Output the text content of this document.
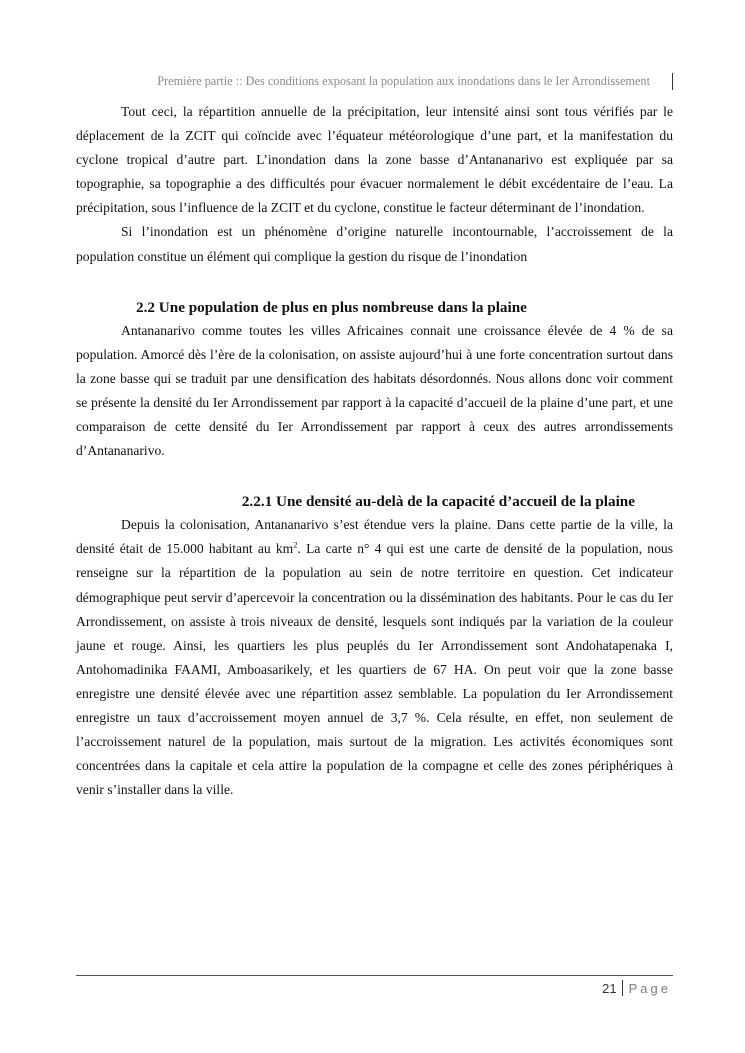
Première partie :: Des conditions exposant la population aux inondations dans le Ier Arrondissement

Tout ceci, la répartition annuelle de la précipitation, leur intensité ainsi sont tous vérifiés par le déplacement de la ZCIT qui coïncide avec l’équateur météorologique d’une part, et la manifestation du cyclone tropical d’autre part. L’inondation dans la zone basse d’Antananarivo est expliquée par sa topographie, sa topographie a des difficultés pour évacuer normalement le débit excédentaire de l’eau. La précipitation, sous l’influence de la ZCIT et du cyclone, constitue le facteur déterminant de l’inondation.

Si l’inondation est un phénomène d’origine naturelle incontournable, l’accroissement de la population constitue un élément qui complique la gestion du risque de l’inondation

2.2 Une population de plus en plus nombreuse dans la plaine

Antananarivo comme toutes les villes Africaines connait une croissance élevée de 4 % de sa population. Amorcé dès l’ère de la colonisation, on assiste aujourd’hui à une forte concentration surtout dans la zone basse qui se traduit par une densification des habitats désordonnés. Nous allons donc voir comment se présente la densité du Ier Arrondissement par rapport à la capacité d’accueil de la plaine d’une part, et une comparaison de cette densité du Ier Arrondissement par rapport à ceux des autres arrondissements d’Antananarivo.

2.2.1 Une densité au-delà de la capacité d’accueil de la plaine

Depuis la colonisation, Antananarivo s’est étendue vers la plaine. Dans cette partie de la ville, la densité était de 15.000 habitant au $km^2$. La carte n° 4 qui est une carte de densité de la population, nous renseigne sur la répartition de la population au sein de notre territoire en question. Cet indicateur démographique peut servir d’apercevoir la concentration ou la dissémination des habitants. Pour le cas du Ier Arrondissement, on assiste à trois niveaux de densité, lesquels sont indiqués par la variation de la couleur jaune et rouge. Ainsi, les quartiers les plus peuplés du Ier Arrondissement sont Andohatapenaka I, Antohomadinika FAAMI, Amboasarikely, et les quartiers de 67 HA. On peut voir que la zone basse enregistre une densité élevée avec une répartition assez semblable. La population du Ier Arrondissement enregistre un taux d’accroissement moyen annuel de 3,7 %. Cela résulte, en effet, non seulement de l’accroissement naturel de la population, mais surtout de la migration. Les activités économiques sont concentrées dans la capitale et cela attire la population de la compagne et celle des zones périphériques à venir s’installer dans la ville.

21 Page
